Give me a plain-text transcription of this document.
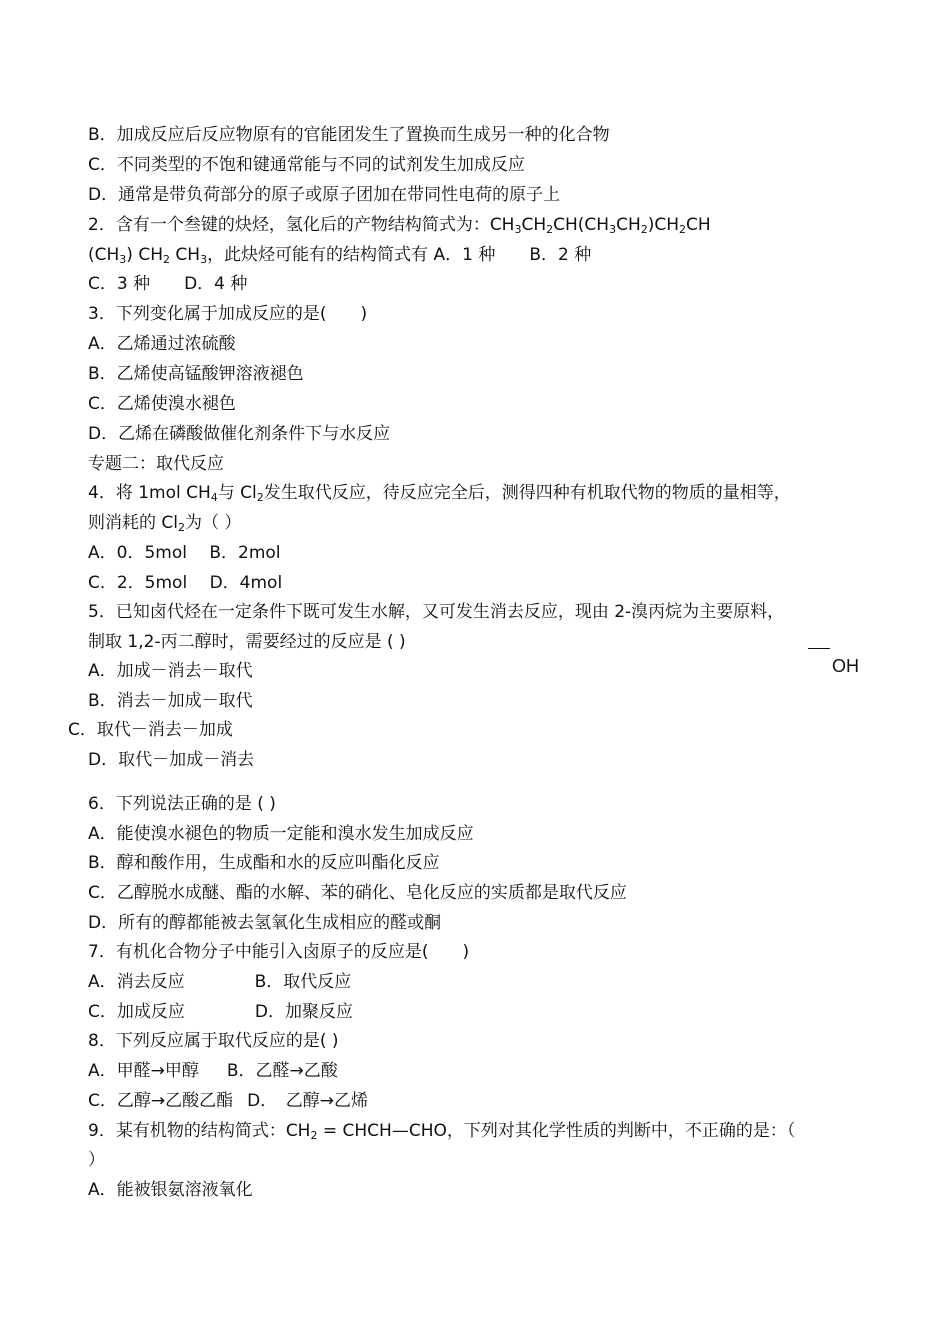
B．加成反应后反应物原有的官能团发生了置换而生成另一种的化合物
C．不同类型的不饱和键通常能与不同的试剂发生加成反应
D．通常是带负荷部分的原子或原子团加在带同性电荷的原子上
2．含有一个叁键的炔烃，氢化后的产物结构简式为：$CH_3CH_2CH(CH_3CH_2)CH_2CH$
$(CH_3)$ $CH_2$ $CH_3$，此炔烃可能有的结构简式有 A．1 种　　B．2 种
C．3 种　　D．4 种
3．下列变化属于加成反应的是(　　)
A．乙烯通过浓硫酸
B．乙烯使高锰酸钾溶液褪色
C．乙烯使溴水褪色
D．乙烯在磷酸做催化剂条件下与水反应
专题二：取代反应
4．将 1mol $CH_4$与 $Cl_2$发生取代反应，待反应完全后，测得四种有机取代物的物质的量相等，
则消耗的 $Cl_2$为（ ）
A．0．5mol　 B．2mol
C．2．5mol　 D．4mol
5．已知卤代烃在一定条件下既可发生水解，又可发生消去反应，现由 2-溴丙烷为主要原料，
制取 1,2-丙二醇时，需要经过的反应是 ( )
OH
A．加成－消去－取代
B．消去－加成－取代
C．取代－消去－加成
D．取代－加成－消去
6．下列说法正确的是 ( )
A．能使溴水褪色的物质一定能和溴水发生加成反应
B．醇和酸作用，生成酯和水的反应叫酯化反应
C．乙醇脱水成醚、酯的水解、苯的硝化、皂化反应的实质都是取代反应
D．所有的醇都能被去氢氧化生成相应的醛或酮
7．有机化合物分子中能引入卤原子的反应是(　　)
A．消去反应	B．取代反应
C．加成反应	D．加聚反应
8．下列反应属于取代反应的是( )
A．甲醛→甲醇 B．乙醛→乙酸
C．乙醇→乙酸乙酯 D．　乙醇→乙烯
9．某有机物的结构简式：$CH_2$ = CHCH—CHO，下列对其化学性质的判断中，不正确的是：（
）
A．能被银氨溶液氧化
